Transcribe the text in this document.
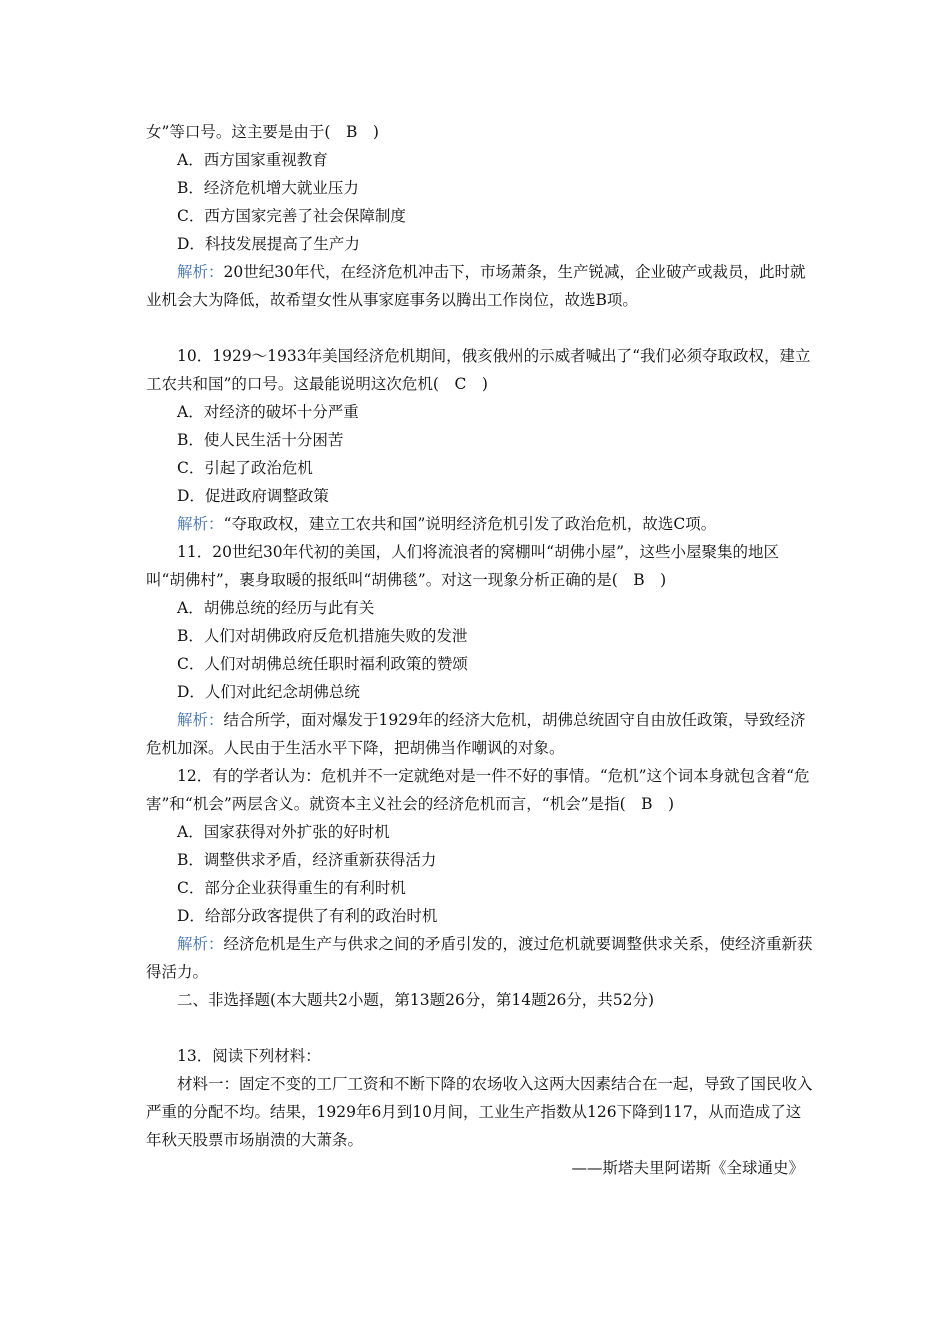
女”等口号。这主要是由于(　B　)

A．西方国家重视教育

B．经济危机增大就业压力

C．西方国家完善了社会保障制度

D．科技发展提高了生产力

解析：20世纪30年代，在经济危机冲击下，市场萧条，生产锐减，企业破产或裁员，此时就业机会大为降低，故希望女性从事家庭事务以腾出工作岗位，故选B项。

10．1929～1933年美国经济危机期间，俄亥俄州的示威者喊出了“我们必须夺取政权，建立工农共和国”的口号。这最能说明这次危机(　C　)

A．对经济的破坏十分严重

B．使人民生活十分困苦

C．引起了政治危机

D．促进政府调整政策

解析：“夺取政权，建立工农共和国”说明经济危机引发了政治危机，故选C项。

11．20世纪30年代初的美国，人们将流浪者的窝棚叫“胡佛小屋”，这些小屋聚集的地区叫“胡佛村”，裹身取暖的报纸叫“胡佛毯”。对这一现象分析正确的是(　B　)

A．胡佛总统的经历与此有关

B．人们对胡佛政府反危机措施失败的发泄

C．人们对胡佛总统任职时福利政策的赞颂

D．人们对此纪念胡佛总统

解析：结合所学，面对爆发于1929年的经济大危机，胡佛总统固守自由放任政策，导致经济危机加深。人民由于生活水平下降，把胡佛当作嘲讽的对象。

12．有的学者认为：危机并不一定就绝对是一件不好的事情。“危机”这个词本身就包含着“危害”和“机会”两层含义。就资本主义社会的经济危机而言，“机会”是指(　B　)

A．国家获得对外扩张的好时机

B．调整供求矛盾，经济重新获得活力

C．部分企业获得重生的有利时机

D．给部分政客提供了有利的政治时机

解析：经济危机是生产与供求之间的矛盾引发的，渡过危机就要调整供求关系，使经济重新获得活力。

二、非选择题(本大题共2小题，第13题26分，第14题26分，共52分)

13．阅读下列材料：

材料一：固定不变的工厂工资和不断下降的农场收入这两大因素结合在一起，导致了国民收入严重的分配不均。结果，1929年6月到10月间，工业生产指数从126下降到117，从而造成了这年秋天股票市场崩溃的大萧条。

——斯塔夫里阿诺斯《全球通史》
